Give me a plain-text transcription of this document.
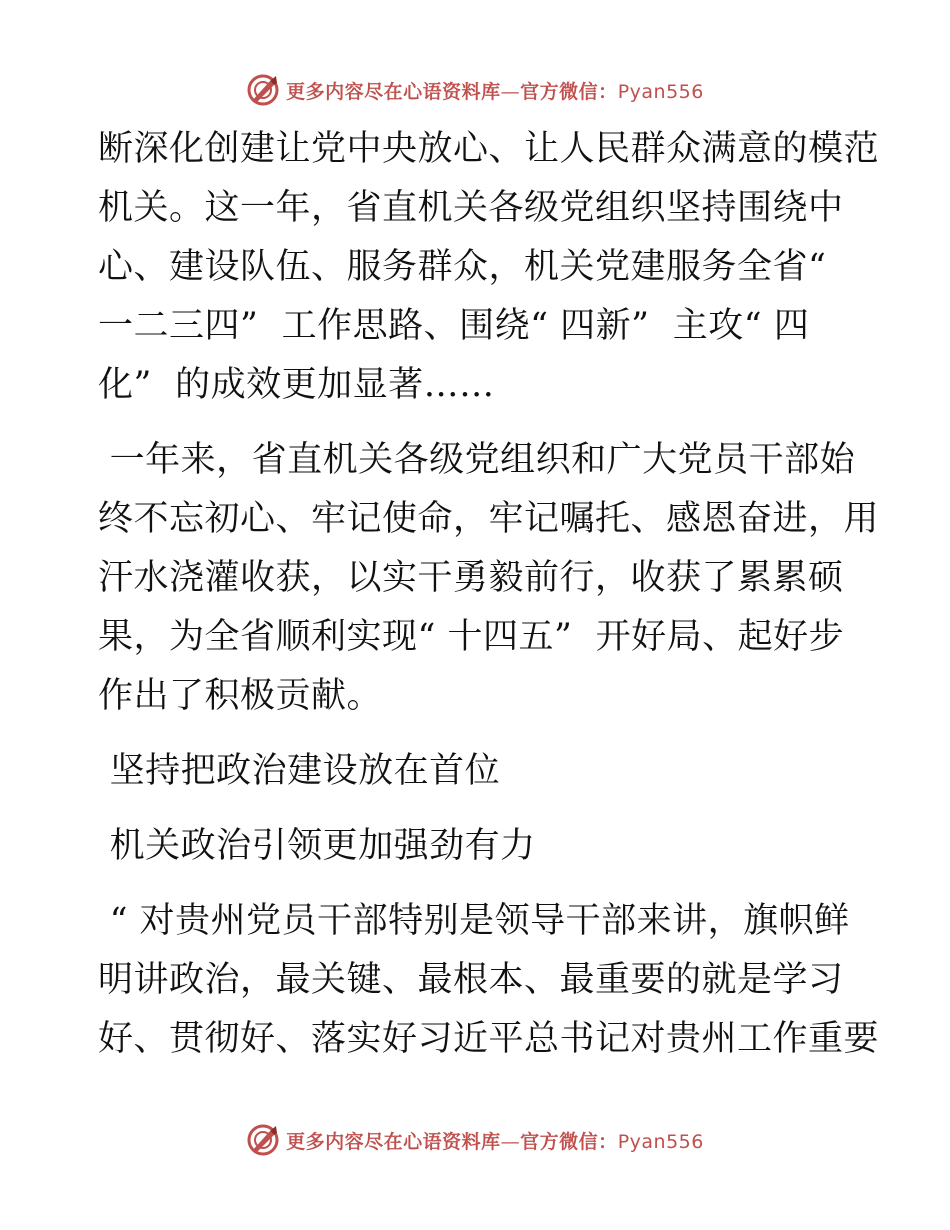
更多内容尽在心语资料库—官方微信：Pyan556
断深化创建让党中央放心、让人民群众满意的模范
机关。这一年，省直机关各级党组织坚持围绕中
心、建设队伍、服务群众，机关党建服务全省“
一二三四”  工作思路、围绕“ 四新”  主攻“ 四
化”  的成效更加显著……
一年来，省直机关各级党组织和广大党员干部始
终不忘初心、牢记使命，牢记嘱托、感恩奋进，用
汗水浇灌收获，以实干勇毅前行，收获了累累硕
果，为全省顺利实现“ 十四五”  开好局、起好步
作出了积极贡献。
坚持把政治建设放在首位
机关政治引领更加强劲有力
“ 对贵州党员干部特别是领导干部来讲，旗帜鲜
明讲政治，最关键、最根本、最重要的就是学习
好、贯彻好、落实好习近平总书记对贵州工作重要
更多内容尽在心语资料库—官方微信：Pyan556
